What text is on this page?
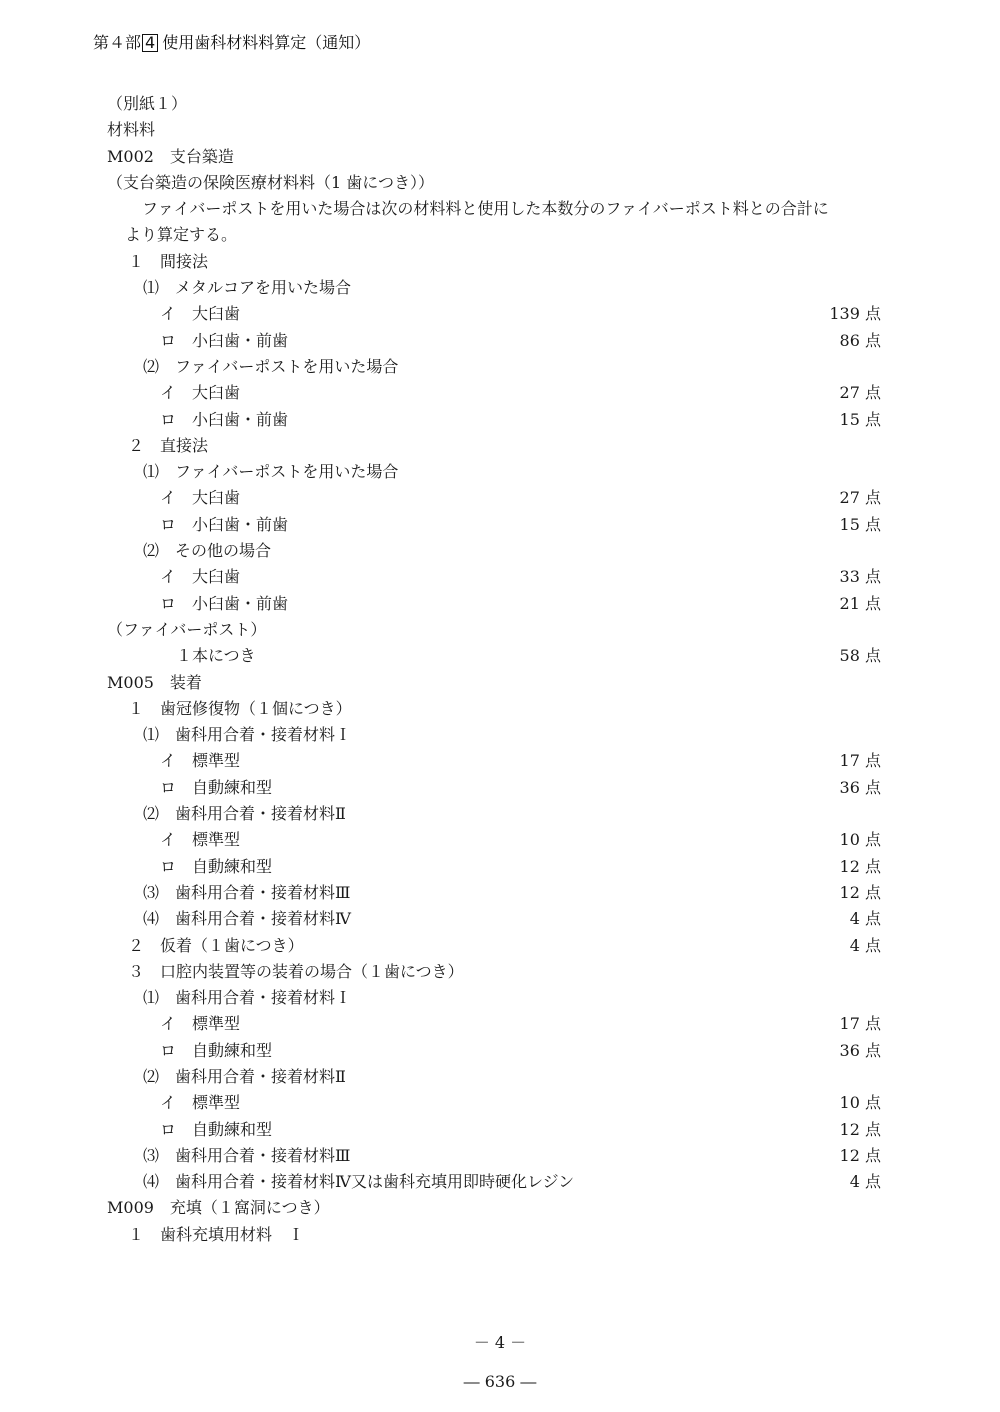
第４部 4 使用歯科材料料算定（通知）
（別紙１）
材料料
M002　支台築造
（支台築造の保険医療材料料（1 歯につき））
ファイバーポストを用いた場合は次の材料料と使用した本数分のファイバーポスト料との合計に
より算定する。
１　間接法
⑴　メタルコアを用いた場合
イ　大臼歯	139 点
ロ　小臼歯・前歯	86 点
⑵　ファイバーポストを用いた場合
イ　大臼歯	27 点
ロ　小臼歯・前歯	15 点
２　直接法
⑴　ファイバーポストを用いた場合
イ　大臼歯	27 点
ロ　小臼歯・前歯	15 点
⑵　その他の場合
イ　大臼歯	33 点
ロ　小臼歯・前歯	21 点
（ファイバーポスト）
１本につき	58 点
M005　装着
１　歯冠修復物（１個につき）
⑴　歯科用合着・接着材料Ｉ
イ　標準型	17 点
ロ　自動練和型	36 点
⑵　歯科用合着・接着材料Ⅱ
イ　標準型	10 点
ロ　自動練和型	12 点
⑶　歯科用合着・接着材料Ⅲ	12 点
⑷　歯科用合着・接着材料Ⅳ	4 点
２　仮着（１歯につき）	4 点
３　口腔内装置等の装着の場合（１歯につき）
⑴　歯科用合着・接着材料Ｉ
イ　標準型	17 点
ロ　自動練和型	36 点
⑵　歯科用合着・接着材料Ⅱ
イ　標準型	10 点
ロ　自動練和型	12 点
⑶　歯科用合着・接着材料Ⅲ	12 点
⑷　歯科用合着・接着材料Ⅳ又は歯科充填用即時硬化レジン	4 点
M009　充填（１窩洞につき）
１　歯科充填用材料　Ｉ
－ 4 －
― 636 ―
